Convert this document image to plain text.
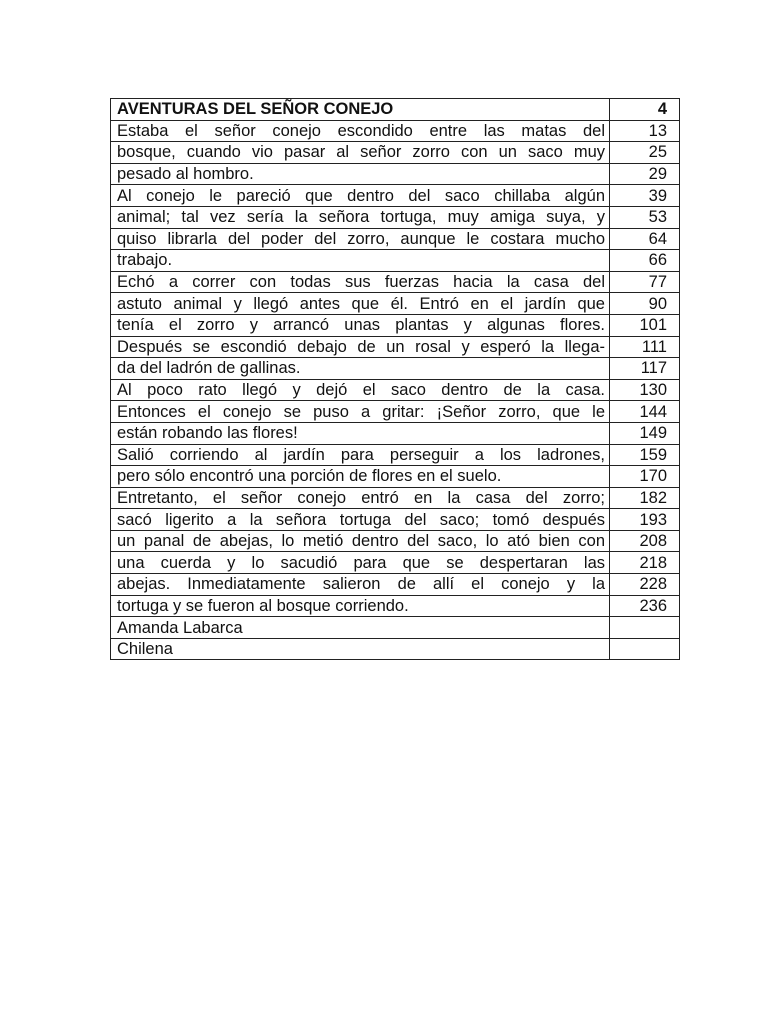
AVENTURAS DEL SEÑOR CONEJO	4
Estaba el señor conejo escondido entre las matas del	13
bosque, cuando vio pasar al señor zorro con un saco muy	25
pesado al hombro.	29
Al conejo le pareció que dentro del saco chillaba algún	39
animal; tal vez sería la señora tortuga, muy amiga suya, y	53
quiso librarla del poder del zorro, aunque le costara mucho	64
trabajo.	66
Echó a correr con todas sus fuerzas hacia la casa del	77
astuto animal y llegó antes que él. Entró en el jardín que	90
tenía el zorro y arrancó unas plantas y algunas flores.	101
Después se escondió debajo de un rosal y esperó la llega-	111
da del ladrón de gallinas.	117
Al poco rato llegó y dejó el saco dentro de la casa.	130
Entonces el conejo se puso a gritar: ¡Señor zorro, que le	144
están robando las flores!	149
Salió corriendo al jardín para perseguir a los ladrones,	159
pero sólo encontró una porción de flores en el suelo.	170
Entretanto, el señor conejo entró en la casa del zorro;	182
sacó ligerito a la señora tortuga del saco; tomó después	193
un panal de abejas, lo metió dentro del saco, lo ató bien con	208
una cuerda y lo sacudió para que se despertaran las	218
abejas. Inmediatamente salieron de allí el conejo y la	228
tortuga y se fueron al bosque corriendo.	236
Amanda Labarca	
Chilena	
